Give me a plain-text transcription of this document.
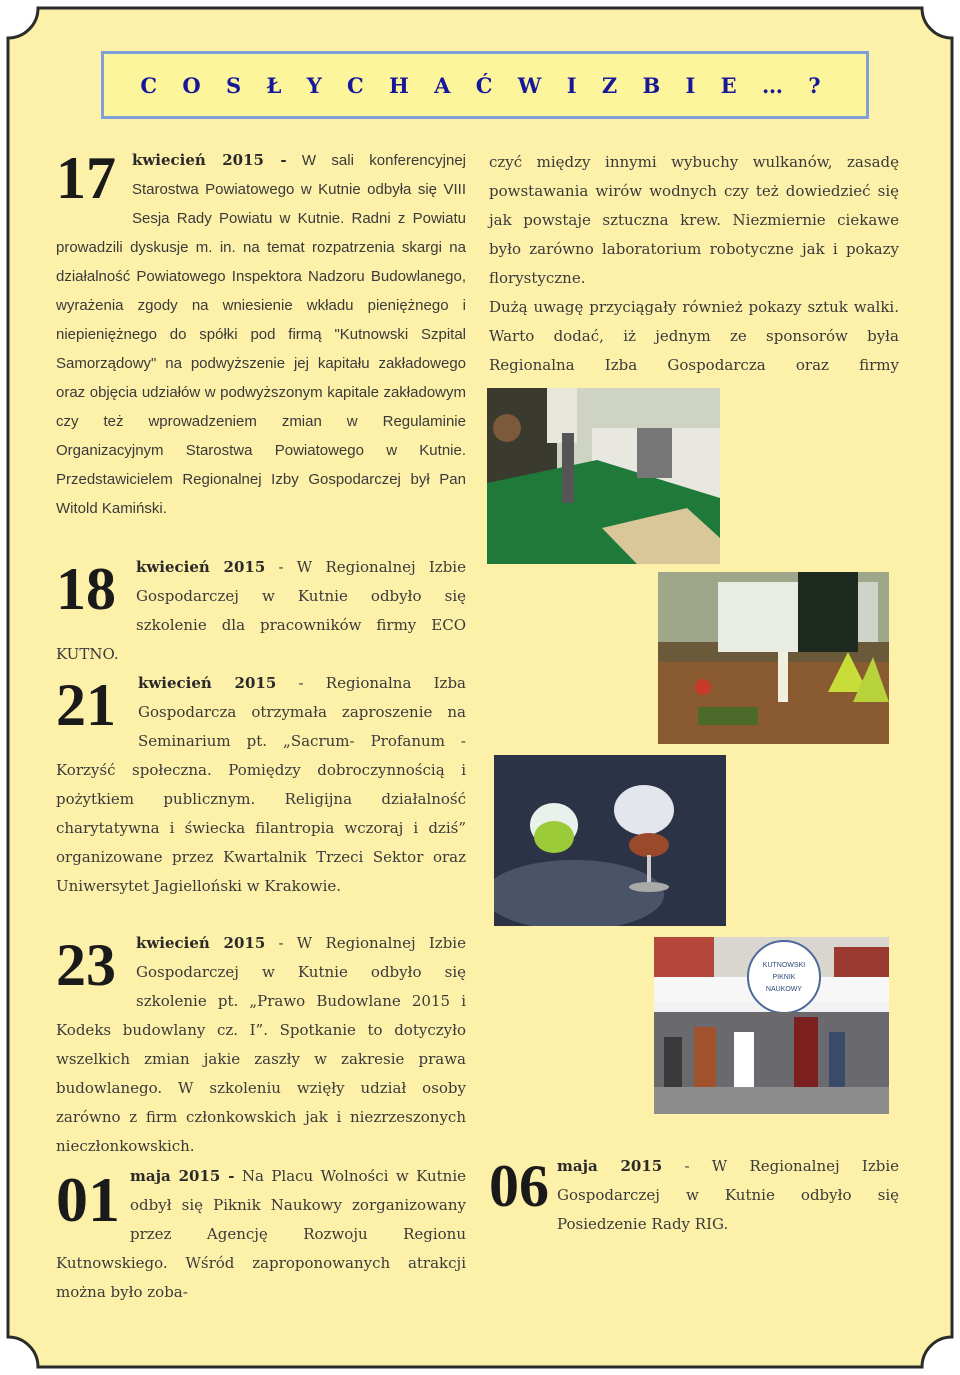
C O S Ł Y C H A Ć W I Z B I E … ?
17 kwiecień 2015 - W sali konferencyjnej Starostwa Powiatowego w Kutnie odbyła się VIII Sesja Rady Powiatu w Kutnie. Radni z Powiatu prowadzili dyskusje m. in. na temat rozpatrzenia skargi na działalność Powiatowego Inspektora Nadzoru Budowlanego, wyrażenia zgody na wniesienie wkładu pieniężnego i niepieniężnego do spółki pod firmą "Kutnowski Szpital Samorządowy" na podwyższenie jej kapitału zakładowego oraz objęcia udziałów w podwyższonym kapitale zakładowym czy też wprowadzeniem zmian w Regulaminie Organizacyjnym Starostwa Powiatowego w Kutnie. Przedstawicielem Regionalnej Izby Gospodarczej był Pan Witold Kamiński.
18 kwiecień 2015 - W Regionalnej Izbie Gospodarczej w Kutnie odbyło się szkolenie dla pracowników firmy ECO KUTNO.
21 kwiecień 2015 - Regionalna Izba Gospodarcza otrzymała zaproszenie na Seminarium pt. „Sacrum- Profanum - Korzyść społeczna. Pomiędzy dobroczynnością i pożytkiem publicznym. Religijna działalność charytatywna i świecka filantropia wczoraj i dziś” organizowane przez Kwartalnik Trzeci Sektor oraz Uniwersytet Jagielloński w Krakowie.
23 kwiecień 2015 - W Regionalnej Izbie Gospodarczej w Kutnie odbyło się szkolenie pt. „Prawo Budowlane 2015 i Kodeks budowlany cz. I”. Spotkanie to dotyczyło wszelkich zmian jakie zaszły w zakresie prawa budowlanego. W szkoleniu wzięły udział osoby zarówno z firm członkowskich jak i niezrzeszonych nieczłonkowskich.
01 maja 2015 - Na Placu Wolności w Kutnie odbył się Piknik Naukowy zorganizowany przez Agencję Rozwoju Regionu Kutnowskiego. Wśród zaproponowanych atrakcji można było zoba-
czyć między innymi wybuchy wulkanów, zasadę powstawania wirów wodnych czy też dowiedzieć się jak powstaje sztuczna krew. Niezmiernie ciekawe było zarówno laboratorium robotyczne jak i pokazy florystyczne.
Dużą uwagę przyciągały również pokazy sztuk walki. Warto dodać, iż jednym ze sponsorów była Regionalna Izba Gospodarcza oraz firmy
06 maja 2015 - W Regionalnej Izbie Gospodarczej w Kutnie odbyło się Posiedzenie Rady RIG.
KUTNOWSKI
PIKNIK
NAUKOWY
